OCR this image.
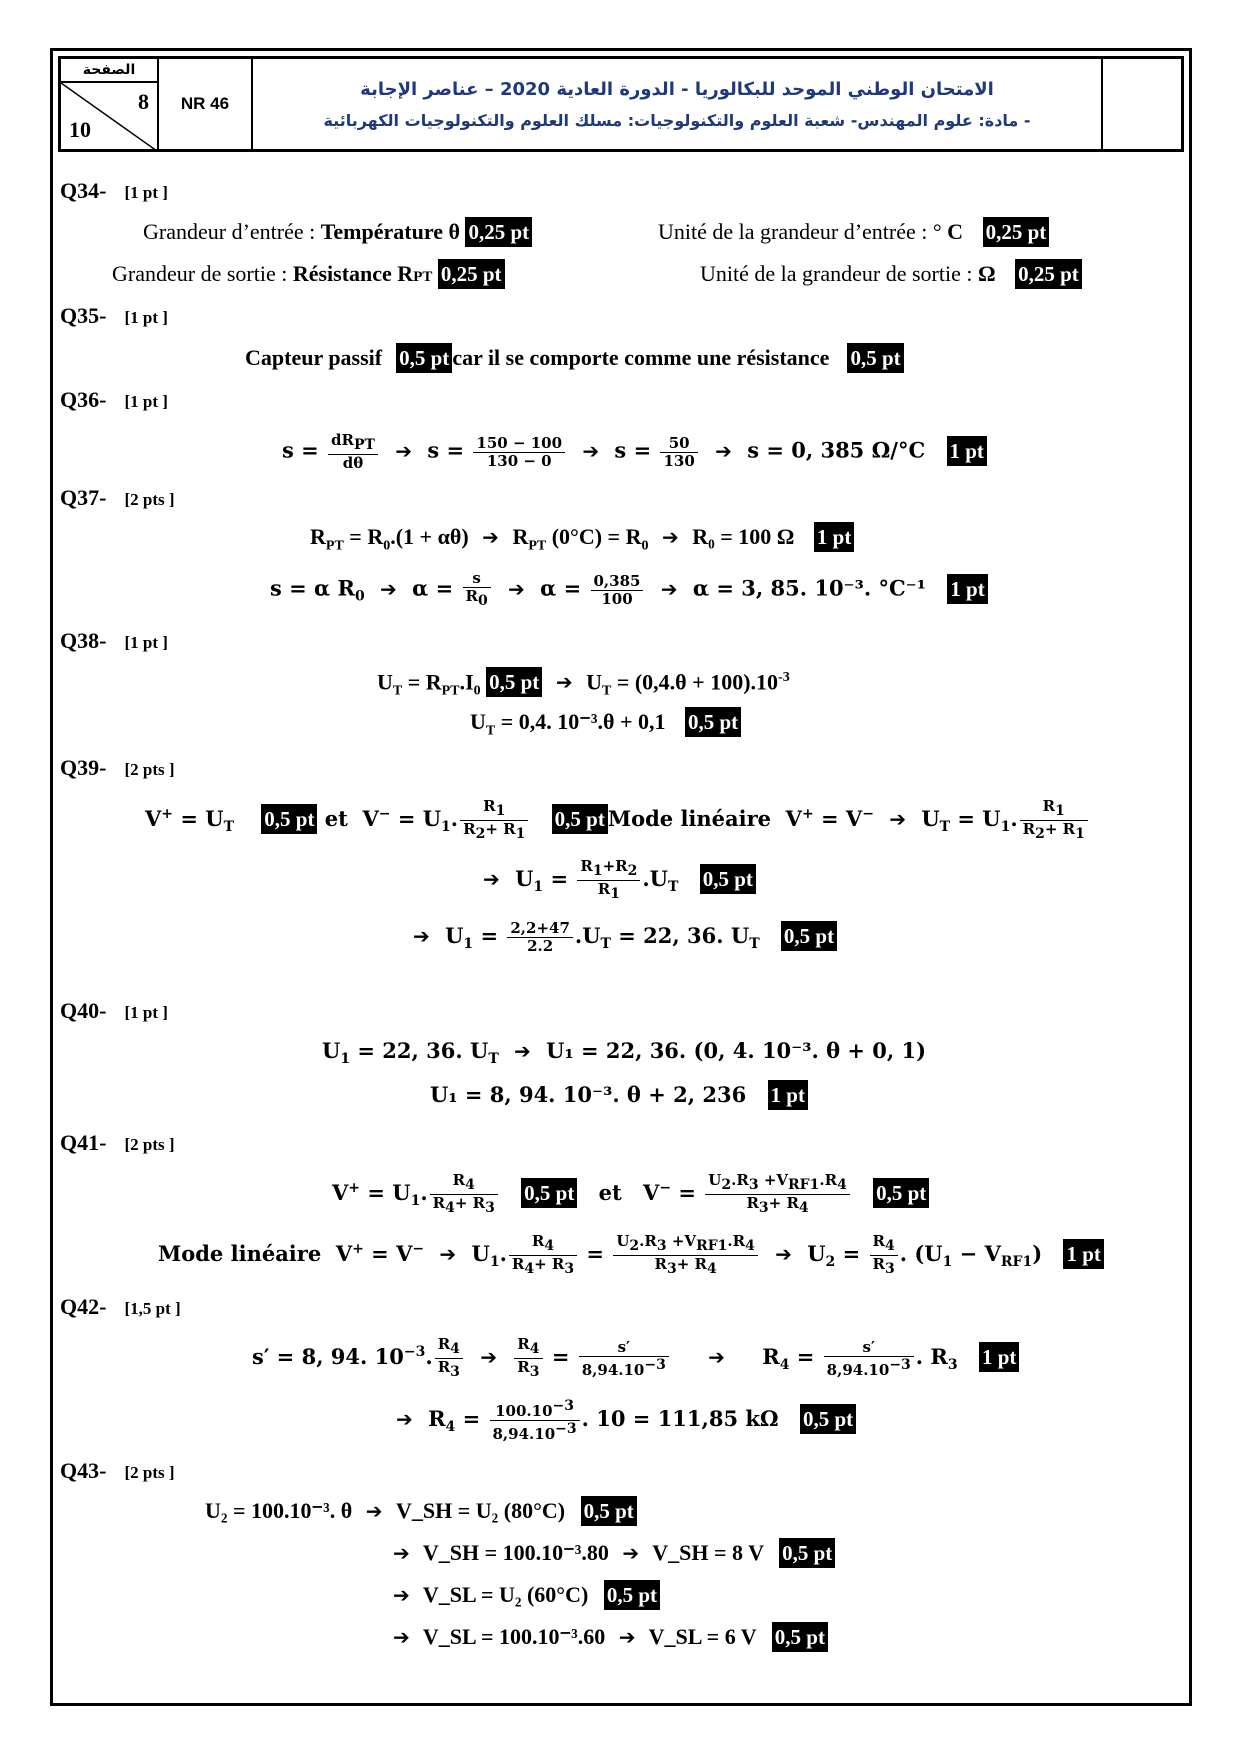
الصفحة
8
10
NR 46
الامتحان الوطني الموحد للبكالوريا - الدورة العادية 2020 – عناصر الإجابة
- مادة: علوم المهندس- شعبة العلوم والتكنولوجيات: مسلك العلوم والتكنولوجيات الكهربائية
Q34- [1 pt ]
Grandeur d’entrée : Température θ 0,25 pt	Unité de la grandeur d’entrée : ° C 0,25 pt
Grandeur de sortie : Résistance RPT 0,25 pt	Unité de la grandeur de sortie : Ω 0,25 pt
Q35- [1 pt ]
Capteur passif 0,5 pt car il se comporte comme une résistance 0,5 pt
Q36- [1 pt ]
$s = \frac{dR_{PT}}{d\theta}$ ➔ $s = \frac{150 - 100}{130 - 0}$ ➔ $s = \frac{50}{130}$ ➔ s = 0, 385 Ω/°C 1 pt
Q37- [2 pts ]
$R_{PT} = R_0.(1 + \alpha\theta)$ ➔ $R_{PT}$ $(0^\circ C) = R_0$ ➔ R₀ = 100 Ω 1 pt
s = α $R_0$ ➔ $\alpha = \frac{s}{R_0}$ ➔ $\alpha = \frac{0,385}{100}$ ➔ α = 3, 85. 10⁻³. °C⁻¹ 1 pt
Q38- [1 pt ]
$U_T = R_{PT}.I_0$ 0,5 pt ➔ $U_T = (0,4.\theta + 100).10^{-3}$
$U_T = 0,4$. 10⁻³.θ + 0,1 0,5 pt
Q39- [2 pts ]
$V^+ = U_T$ 0,5 pt et  $V^- = U_1$. $\frac{R_1}{R_2+ R_1} 0,5$ pt Mode linéaire  V+ = V− ➔ $U_T = U_1$. $\frac{R_1}{R_2+ R_1}$
➔ $U_1 = \frac{R_1+R_2}{R_1} .U_T$ 0,5 pt
➔ $U_1 = \frac{2,2+47}{2.2} .U_T = 22$, 36. $U_T$ 0,5 pt
Q40- [1 pt ]
$U_1 = 22$, 36. $U_T$ ➔ U₁ = 22, 36. (0, 4. 10⁻³. θ + 0, 1)
U₁ = 8, 94. 10⁻³. θ + 2, 236 1 pt
Q41- [2 pts ]
$V^+ = U_1$. $\frac{R_4}{R_4+ R_3} 0,5$ pt et $V^- = \frac{U_2.R_3 +V_{RF1}.R_4}{R_3+ R_4} 0,5$ pt
Mode linéaire  V+ = V− ➔ $U_1$. $\frac{R_4}{R_4+ R_3} = \frac{U_2.R_3 +V_{RF1}.R_4}{R_3+ R_4}$ ➔ $U_2 = \frac{R_4}{R_3}$ . $(U_1 - V_{RF1})$ 1 pt
Q42- [1,5 pt ]
s′ = 8, 94. $10^{-3}$. $\frac{R_4}{R_3}$ ➔ $\frac{R_4}{R_3} = \frac{s'}{8,94.10^{-3}}$ ➔ $R_4 = \frac{s'}{8,94.10^{-3}}$ . $R_3$ 1 pt
➔ $R_4 = \frac{100.10^{-3}}{8,94.10^{-3}}$ . 10 = 111,85 kΩ 0,5 pt
Q43- [2 pts ]
U₂ = 100.10⁻³. θ ➔ V_SH = U₂ (80°C) 0,5 pt
➔ V_SH = 100.10⁻³.80 ➔ V_SH = 8 V 0,5 pt
➔ V_SL = U₂ (60°C) 0,5 pt
➔ V_SL = 100.10⁻³.60 ➔ V_SL = 6 V 0,5 pt
